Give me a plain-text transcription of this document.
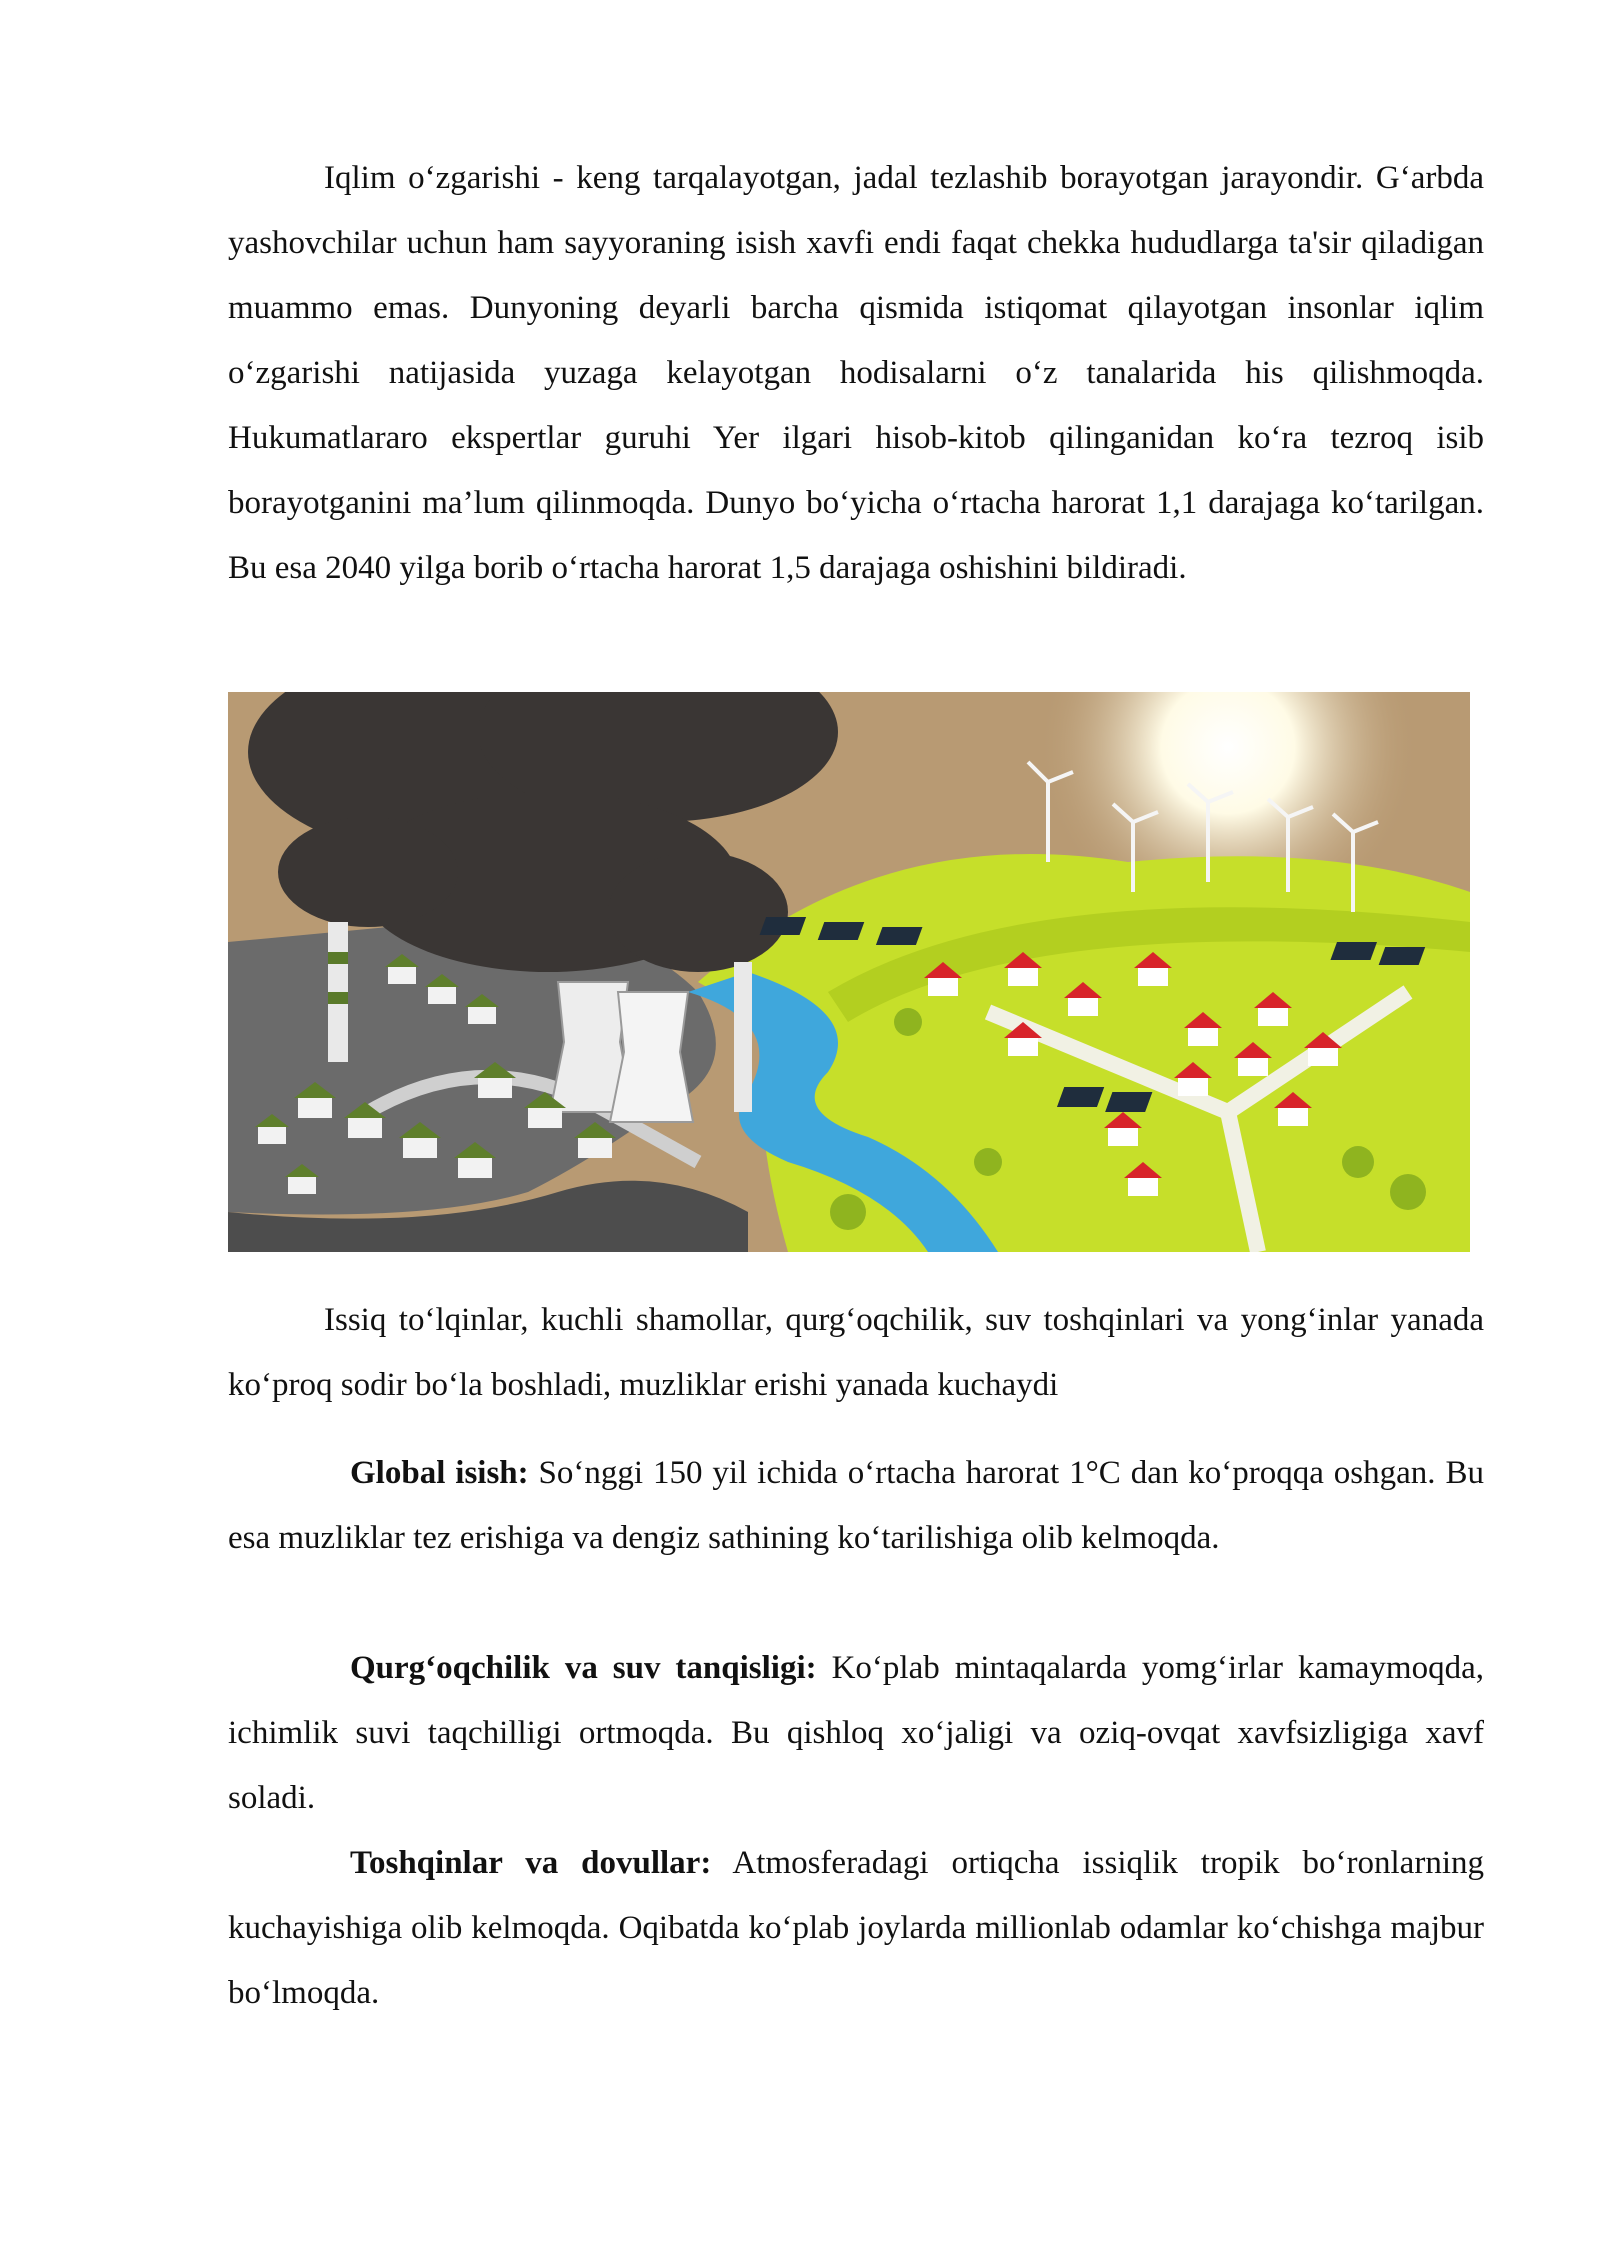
Iqlim o‘zgarishi - keng tarqalayotgan, jadal tezlashib borayotgan jarayondir. G‘arbda yashovchilar uchun ham sayyoraning isish xavfi endi faqat chekka hududlarga ta'sir qiladigan muammo emas. Dunyoning deyarli barcha qismida istiqomat qilayotgan insonlar iqlim o‘zgarishi natijasida yuzaga kelayotgan hodisalarni o‘z tanalarida his qilishmoqda. Hukumatlararo ekspertlar guruhi Yer ilgari hisob-kitob qilinganidan ko‘ra tezroq isib borayotganini ma’lum qilinmoqda. Dunyo bo‘yicha o‘rtacha harorat 1,1 darajaga ko‘tarilgan. Bu esa 2040 yilga borib o‘rtacha harorat 1,5 darajaga oshishini bildiradi.

Issiq to‘lqinlar, kuchli shamollar, qurg‘oqchilik, suv toshqinlari va yong‘inlar yanada ko‘proq sodir bo‘la boshladi, muzliklar erishi yanada kuchaydi

Global isish: So‘nggi 150 yil ichida o‘rtacha harorat 1°C dan ko‘proqqa oshgan. Bu esa muzliklar tez erishiga va dengiz sathining ko‘tarilishiga olib kelmoqda.

Qurg‘oqchilik va suv tanqisligi: Ko‘plab mintaqalarda yomg‘irlar kamaymoqda, ichimlik suvi taqchilligi ortmoqda. Bu qishloq xo‘jaligi va oziq-ovqat xavfsizligiga xavf soladi.

Toshqinlar va dovullar: Atmosferadagi ortiqcha issiqlik tropik bo‘ronlarning kuchayishiga olib kelmoqda. Oqibatda ko‘plab joylarda millionlab odamlar ko‘chishga majbur bo‘lmoqda.
